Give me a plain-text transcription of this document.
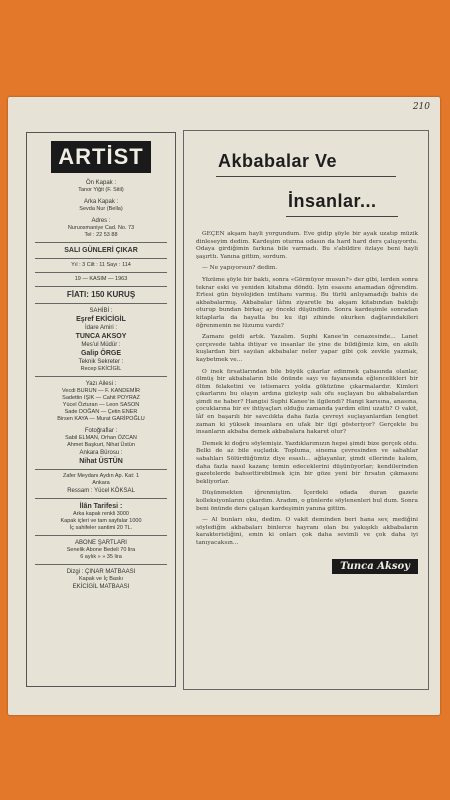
210
ARTİST
Ön Kapak :
Tanor Yiğit (F. Sitil)
Arka Kapak :
Sevda Nur (Bella)
Adres :
Nuruosmaniye Cad. No. 73
Tel : 22 53 88
SALI GÜNLERİ ÇIKAR
Yıl : 3 Cilt : 11 Sayı : 114
19 — KASIM — 1963
FİATI: 150 KURUŞ
SAHİBİ :
Eşref EKİCİGİL
İdare Amiri :
TUNCA AKSOY
Mes'ul Müdür :
Galip ÖRGE
Teknik Sekreter :
Recep EKİCİGİL
Yazı Ailesi :
Vecdi BURUN — F. KANDEMİR
Sadettin IŞIK — Cahit POYRAZ
Yücel Özturan — Leon SASON
Sade DOĞAN — Çetin ENER
Birsen KAYA — Murat GARİPOĞLU
Fotoğraflar :
Sabil ELMAN, Orhan ÖZCAN
Ahmet Başkurt, Nihat Üstün
Ankara Bürosu :
Nihat ÜSTÜN
Zafer Meydanı Aydın Ap. Kat: 1
Ankara
Ressam : Yücel KÖKSAL
İlân Tarifesi :
Arka kapak renkli 3000
Kapak içleri ve tam sayfalar 1000
İç sahifeler santimi 20 TL.
ABONE ŞARTLARI
Senelik Abone Bedeli 70 lira
6 aylık » » 35 lira
Dizgi : ÇINAR MATBAASI
Kapak ve İç Baskı
EKİCİGİL MATBAASI
Akbabalar Ve
İnsanlar...

GEÇEN akşam hayli yorgundum. Eve gidip şöyle bir ayak uzatıp müzik dinleseyim dedim. Kardeşim oturma odasın da hard hard ders çalışıyordu. Odaya girdiğimin farkına bile varmadı. Bu s'abildire özlaye beni hayli şaşırttı. Yanına gittim, sordum.

— Ne yapıyorsun? dedim.

Yüzüme şöyle bir baktı, sonra «Görmüyor musun?» der gibi, lerden sonra tekrar eski ve yeniden kitabına döndü. İyin esasını anamadan öğrendim. Ertesi gün biyolojiden imtihanı varmış. Bu türlü anlıyamadığı bahis de akbabalarmış. Akbabalar lâfını ziyaretle bu akşam kitabından baktığı oturup bundan birkaç ay önceki düşündüm. Sonra kardeşimle sonradan kitaplarla da hayatla bu ku ilgi zihinde okurken dağlarındakileri öğrenmenin ne lüzumu vardı?

Zamanı geldi artık. Yazalım. Suphi Kanee'in cenazesinde... Lanet çerçevede tahta ihtiyar ve insanlar ile yine de bildiğimiz kim, en akıllı kuşlardan biri sayılan akbabalar neler yapar gibi çok zevkle yazmak, kaybetmek ve...

O inek fırsatlarından bile büyük çıkarlar edinmek çabasında olanlar, ölmüş bir akbabaların bile önünde sayı ve fayansında eğlencelikleri bir ölüm felaketini ve istismarcı yolda göküzüne çıkarmalardır. Kimleri çıkarlarını bu olayın ardına gizleyip salı ofu suçlayan bu akbabalardan şimdi ne haber? Hangisi Suphi Kanee'in ilgilendi? Hangi karısına, anasına, çocuklarına bir ev ihtiyaçları olduğu zamanda yardım elini uzattı? O vakit, lâf en başarılı bir savcılıkta daha fazla çevreyi suçlayanlardan lengüet zaman ki yüksek insanlara en ufak bir ilgi gösteriyor? Gerçekte bu insanların akbaba demek akbabalara hakaret olur?

Demek ki doğru söylemişiz. Yazdıklarımızın hepsi şimdi bize gerçek oldu. Belki de az bile suçladık. Topluma, sinema çevresinden ve sabahlar sabahları Sölürdüğümüz diye esaslı... ağlayanlar, şimdi ellerinde kalem, daha fazla nasıl kazanç temin edeceklerini düşünüyorlar; kendilerinden gazetelerde bahsettirebilmek için bir göze yeni bir fırsatın çıkmasını bekliyorlar.

Düşünmekten iğrenmiştim. İçerdeki odada duran gazete kolleksiyonlarını çıkardım. Aradım, o günlerde söylenenleri bul dum. Sonra beni önünde ders çalışan kardeşimin yanına gittim.

— Al bunları oku, dedim. O vakit deminden beri hana sev, mediğini söylediğin akbabaları binlerce hayranı olan bu yakışıklı akbabaların karakteristiğini, emin ki onları çok daha sevimli ve çok daha iyi tanıyacaksın...

Tunca Aksoy
